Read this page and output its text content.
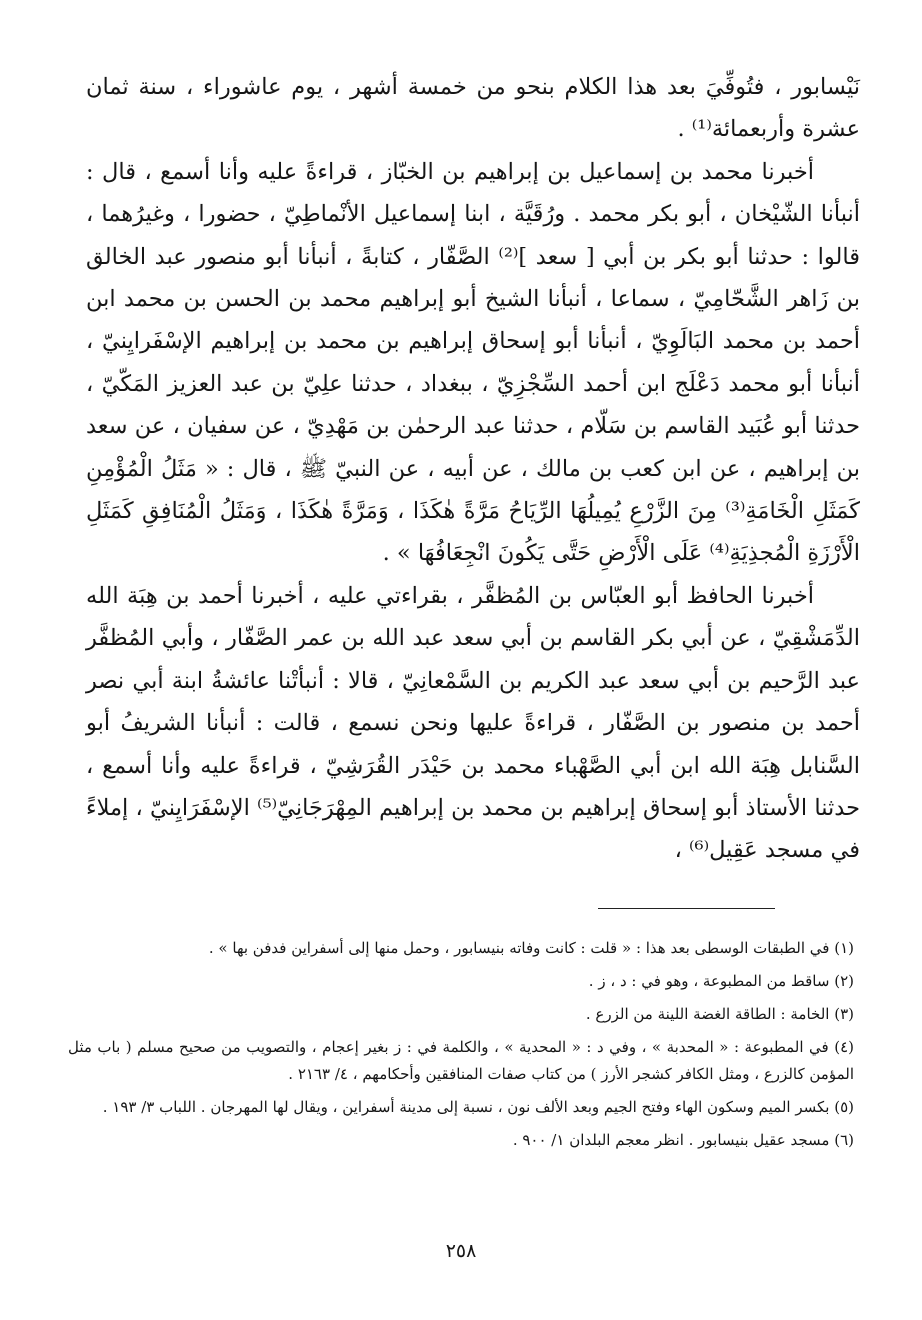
نَيْسابور ، فتُوفِّيَ بعد هذا الكلام بنحو من خمسة أشهر ، يوم عاشوراء ، سنة ثمان عشرة وأربعمائة⁽¹⁾ .

أخبرنا محمد بن إسماعيل بن إبراهيم بن الخبّاز ، قراءةً عليه وأنا أسمع ، قال : أنبأنا الشّيْخان ، أبو بكر محمد . ورُقَيَّة ، ابنا إسماعيل الأنْماطِيّ ، حضورا ، وغيرُهما ، قالوا : حدثنا أبو بكر بن أبي [ سعد ]⁽²⁾ الصَّفّار ، كتابةً ، أنبأنا أبو منصور عبد الخالق بن زَاهر الشَّحّامِيّ ، سماعا ، أنبأنا الشيخ أبو إبراهيم محمد بن الحسن بن محمد ابن أحمد بن محمد البَالَوِيّ ، أنبأنا أبو إسحاق إبراهيم بن محمد بن إبراهيم الإسْفَرايِنيّ ، أنبأنا أبو محمد دَعْلَج ابن أحمد السِّجْزِيّ ، ببغداد ، حدثنا علِيّ بن عبد العزيز المَكّيّ ، حدثنا أبو عُبَيد القاسم بن سَلّام ، حدثنا عبد الرحمٰن بن مَهْدِيّ ، عن سفيان ، عن سعد بن إبراهيم ، عن ابن كعب بن مالك ، عن أبيه ، عن النبيّ ﷺ ، قال : « مَثَلُ الْمُؤْمِنِ كَمَثَلِ الْخَامَةِ⁽³⁾ مِنَ الزَّرْعِ يُمِيلُهَا الرِّيَاحُ مَرَّةً هٰكَذَا ، وَمَرَّةً هٰكَذَا ، وَمَثَلُ الْمُنَافِقِ كَمَثَلِ الْأَرْزَةِ الْمُجذِيَةِ⁽⁴⁾ عَلَى الْأَرْضِ حَتَّى يَكُونَ انْجِعَافُهَا » .

أخبرنا الحافظ أبو العبّاس بن المُظفَّر ، بقراءتي عليه ، أخبرنا أحمد بن هِبَة الله الدِّمَشْقِيّ ، عن أبي بكر القاسم بن أبي سعد عبد الله بن عمر الصَّفّار ، وأبي المُظفَّر عبد الرَّحيم بن أبي سعد عبد الكريم بن السَّمْعانِيّ ، قالا : أنبأتْنا عائشةُ ابنة أبي نصر أحمد بن منصور بن الصَّفّار ، قراءةً عليها ونحن نسمع ، قالت : أنبأنا الشريفُ أبو السَّنابل هِبَة الله ابن أبي الصَّهْباء محمد بن حَيْدَر القُرَشِيّ ، قراءةً عليه وأنا أسمع ، حدثنا الأستاذ أبو إسحاق إبراهيم بن محمد بن إبراهيم المِهْرَجَانِيّ⁽⁵⁾ الإسْفَرَايِنيّ ، إملاءً في مسجد عَقِيل⁽⁶⁾ ،

(١) في الطبقات الوسطى بعد هذا : « قلت : كانت وفاته بنيسابور ، وحمل منها إلى أسفراين فدفن بها » .

(٢) ساقط من المطبوعة ، وهو في : د ، ز .

(٣) الخامة : الطاقة الغضة اللينة من الزرع .

(٤) في المطبوعة : « المحدبة » ، وفي د : « المحدية » ، والكلمة في : ز بغير إعجام ، والتصويب من صحيح مسلم ( باب مثل المؤمن كالزرع ، ومثل الكافر كشجر الأرز ) من كتاب صفات المنافقين وأحكامهم ، ٤/ ٢١٦٣ .

(٥) بكسر الميم وسكون الهاء وفتح الجيم وبعد الألف نون ، نسبة إلى مدينة أسفراين ، ويقال لها المهرجان . اللباب ٣/ ١٩٣ .

(٦) مسجد عقيل بنيسابور . انظر معجم البلدان ١/ ٩٠٠ .

٢٥٨
